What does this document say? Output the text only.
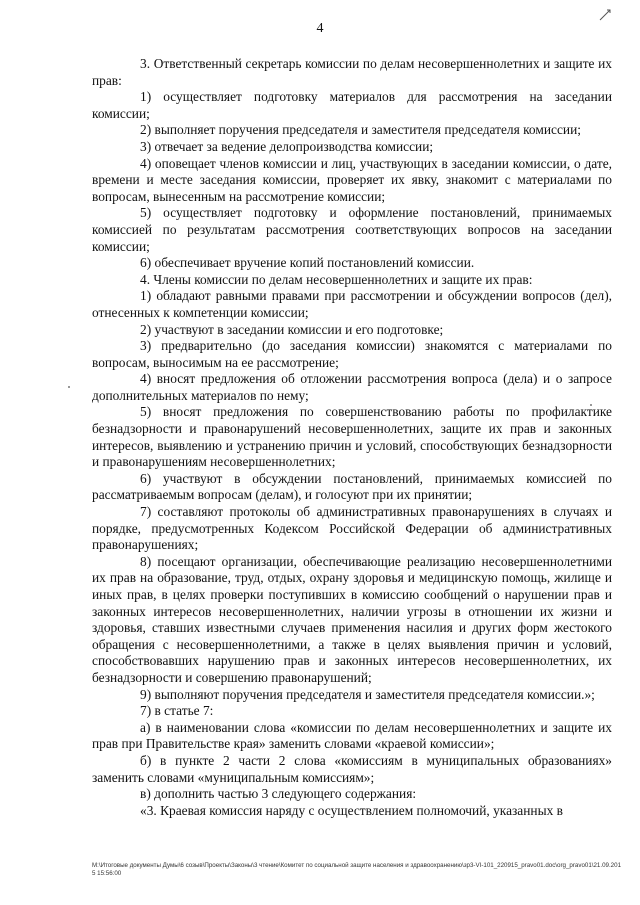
4

3. Ответственный секретарь комиссии по делам несовершеннолетних и защите их прав:

1) осуществляет подготовку материалов для рассмотрения на заседании комиссии;

2) выполняет поручения председателя и заместителя председателя комиссии;

3) отвечает за ведение делопроизводства комиссии;

4) оповещает членов комиссии и лиц, участвующих в заседании комиссии, о дате, времени и месте заседания комиссии, проверяет их явку, знакомит с материалами по вопросам, вынесенным на рассмотрение комиссии;

5) осуществляет подготовку и оформление постановлений, принимаемых комиссией по результатам рассмотрения соответствующих вопросов на заседании комиссии;

6) обеспечивает вручение копий постановлений комиссии.

4. Члены комиссии по делам несовершеннолетних и защите их прав:

1) обладают равными правами при рассмотрении и обсуждении вопросов (дел), отнесенных к компетенции комиссии;

2) участвуют в заседании комиссии и его подготовке;

3) предварительно (до заседания комиссии) знакомятся с материалами по вопросам, выносимым на ее рассмотрение;

4) вносят предложения об отложении рассмотрения вопроса (дела) и о запросе дополнительных материалов по нему;

5) вносят предложения по совершенствованию работы по профилактике безнадзорности и правонарушений несовершеннолетних, защите их прав и законных интересов, выявлению и устранению причин и условий, способствующих безнадзорности и правонарушениям несовершеннолетних;

6) участвуют в обсуждении постановлений, принимаемых комиссией по рассматриваемым вопросам (делам), и голосуют при их принятии;

7) составляют протоколы об административных правонарушениях в случаях и порядке, предусмотренных Кодексом Российской Федерации об административных правонарушениях;

8) посещают организации, обеспечивающие реализацию несовершеннолетними их прав на образование, труд, отдых, охрану здоровья и медицинскую помощь, жилище и иных прав, в целях проверки поступивших в комиссию сообщений о нарушении прав и законных интересов несовершеннолетних, наличии угрозы в отношении их жизни и здоровья, ставших известными случаев применения насилия и других форм жестокого обращения с несовершеннолетними, а также в целях выявления причин и условий, способствовавших нарушению прав и законных интересов несовершеннолетних, их безнадзорности и совершению правонарушений;

9) выполняют поручения председателя и заместителя председателя комиссии.»;

7) в статье 7:

а) в наименовании слова «комиссии по делам несовершеннолетних и защите их прав при Правительстве края» заменить словами «краевой комиссии»;

б) в пункте 2 части 2 слова «комиссиям в муниципальных образованиях» заменить словами «муниципальным комиссиям»;

в) дополнить частью 3 следующего содержания:

«3. Краевая комиссия наряду с осуществлением полномочий, указанных в

M:\Итоговые документы Думы\6 созыв\Проекты\Законы\3 чтение\Комитет по социальной защите населения и здравоохранению\зр3-VI-101_220915_pravo01.doc\org_pravo01\21.09.2015 15:56:00
